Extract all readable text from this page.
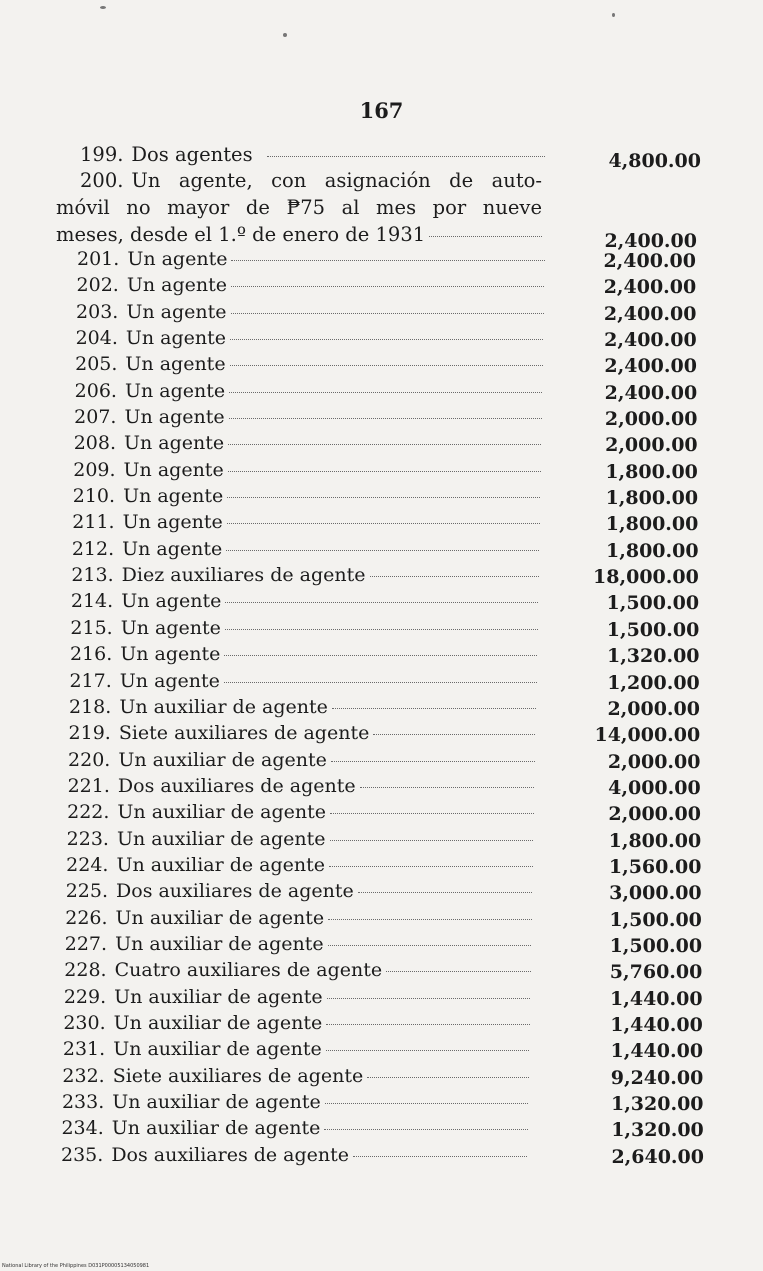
167
199. Dos agentes	4,800.00
200. Un agente, con asignación de auto-
móvil no mayor de ₱75 al mes por nueve
meses, desde el 1.º de enero de 1931	2,400.00
201. Un agente	2,400.00
202. Un agente	2,400.00
203. Un agente	2,400.00
204. Un agente	2,400.00
205. Un agente	2,400.00
206. Un agente	2,400.00
207. Un agente	2,000.00
208. Un agente	2,000.00
209. Un agente	1,800.00
210. Un agente	1,800.00
211. Un agente	1,800.00
212. Un agente	1,800.00
213. Diez auxiliares de agente	18,000.00
214. Un agente	1,500.00
215. Un agente	1,500.00
216. Un agente	1,320.00
217. Un agente	1,200.00
218. Un auxiliar de agente	2,000.00
219. Siete auxiliares de agente	14,000.00
220. Un auxiliar de agente	2,000.00
221. Dos auxiliares de agente	4,000.00
222. Un auxiliar de agente	2,000.00
223. Un auxiliar de agente	1,800.00
224. Un auxiliar de agente	1,560.00
225. Dos auxiliares de agente	3,000.00
226. Un auxiliar de agente	1,500.00
227. Un auxiliar de agente	1,500.00
228. Cuatro auxiliares de agente	5,760.00
229. Un auxiliar de agente	1,440.00
230. Un auxiliar de agente	1,440.00
231. Un auxiliar de agente	1,440.00
232. Siete auxiliares de agente	9,240.00
233. Un auxiliar de agente	1,320.00
234. Un auxiliar de agente	1,320.00
235. Dos auxiliares de agente	2,640.00
National Library of the Philippines D031P00005134050981
